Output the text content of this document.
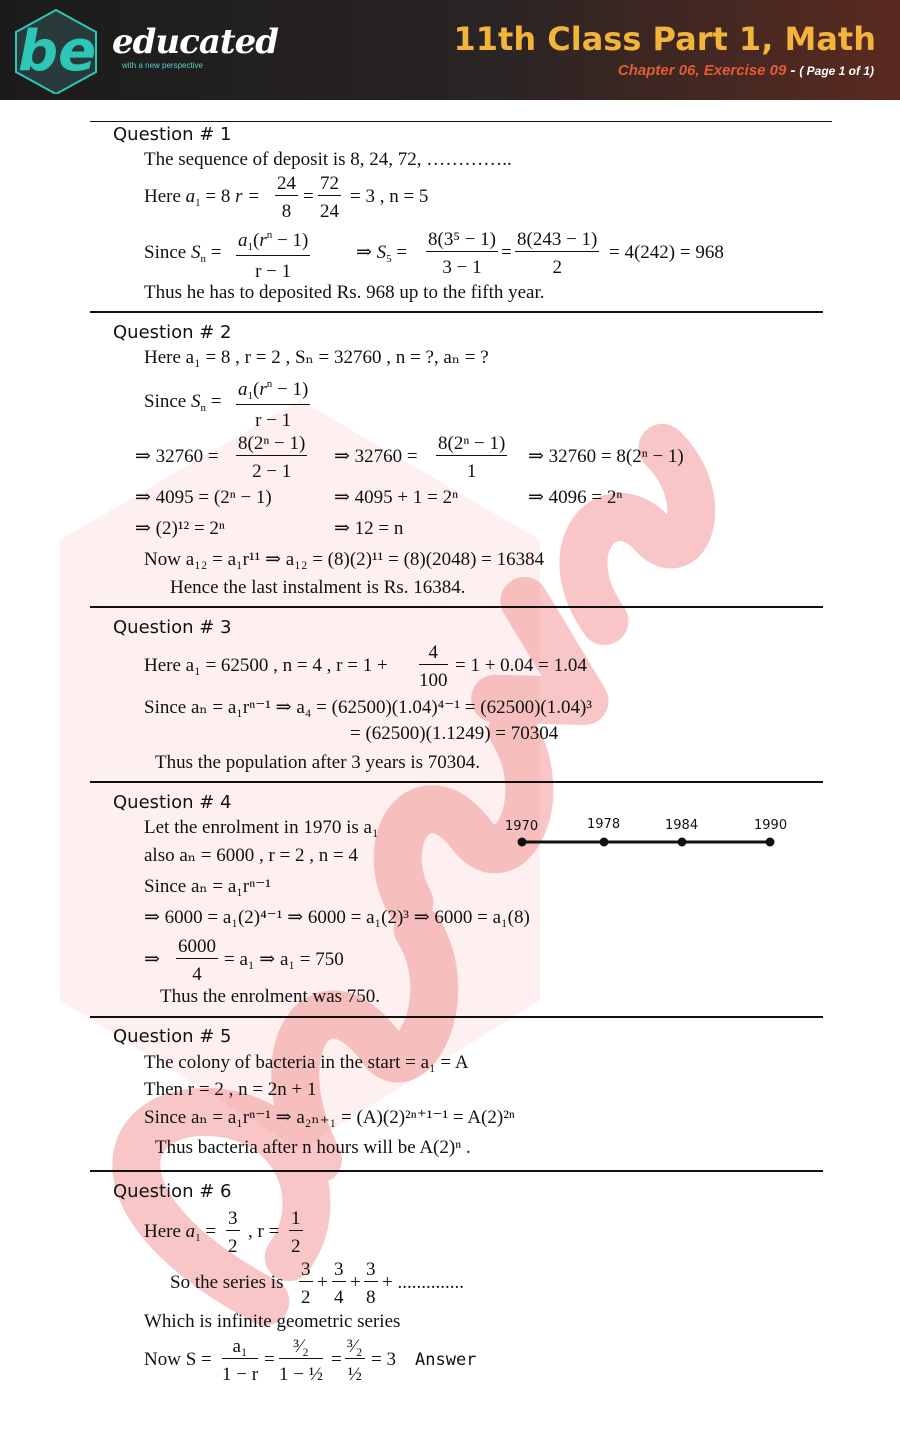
be educated
with a new perspective
11th Class Part 1, Math
Chapter 06, Exercise 09 - ( Page 1 of 1)
Question # 1
The sequence of deposit is 8, 24, 72, …………..
Here $a_1 = 8$ $r = \frac{24}{8} = \frac{72}{24} = 3$ , n = 5
Since $S_n = \frac{a_1(r^n - 1)}{r - 1}$ ⇒ $S_5 = \frac{\text{8(3⁵ − 1)}}{3 - 1} = \frac{8(243 - 1)}{2} = 4(242) = 968$
Thus he has to deposited Rs. 968 up to the fifth year.
Question # 2
Here a₁ = 8 , r = 2 , Sₙ = 32760 , n = ?, aₙ = ?
Since $S_n = \frac{a_1(r^n - 1)}{r - 1}$
⇒ $32760 = \frac{\text{8(2ⁿ − 1)}}{2 - 1}$ ⇒ $32760 = \frac{\text{8(2ⁿ − 1)}}{1}$ ⇒ 32760 = 8(2ⁿ − 1)
⇒ 4095 = (2ⁿ − 1)	⇒ 4095 + 1 = 2ⁿ	⇒ 4096 = 2ⁿ
⇒ (2)¹² = 2ⁿ	⇒ 12 = n
Now a₁₂ = a₁r¹¹ ⇒ a₁₂ = (8)(2)¹¹ = (8)(2048) = 16384
Hence the last instalment is Rs. 16384.
Question # 3
Here a₁ = 62500 , n = 4 , $r = 1 + \frac{4}{100} = 1 + 0.04 = 1.04$
Since aₙ = a₁rⁿ⁻¹ ⇒ a₄ = (62500)(1.04)⁴⁻¹ = (62500)(1.04)³
= (62500)(1.1249) = 70304
Thus the population after 3 years is 70304.
Question # 4
Let the enrolment in 1970 is a₁
also aₙ = 6000 , r = 2 , n = 4
Since aₙ = a₁rⁿ⁻¹
⇒ 6000 = a₁(2)⁴⁻¹ ⇒ 6000 = a₁(2)³ ⇒ 6000 = a₁(8)
⇒ $\frac{6000}{4} = a_1$ ⇒ a₁ = 750
Thus the enrolment was 750.
1970	1978	1984	1990
Question # 5
The colony of bacteria in the start = a₁ = A
Then r = 2 , n = 2n + 1
Since aₙ = a₁rⁿ⁻¹ ⇒ a₂ₙ₊₁ = (A)(2)²ⁿ⁺¹⁻¹ = A(2)²ⁿ
Thus bacteria after n hours will be A(2)ⁿ .
Question # 6
Here $a_1 = \frac{3}{2}$ , $r = \frac{1}{2}$
So the series is $\frac{3}{2} + \frac{3}{4} + \frac{3}{8}$ + ..............
Which is infinite geometric series
Now $S = \frac{\text{a₁}}{1 - r}$ =
³⁄₂
1 − ½
=
³⁄₂
½
= 3 Answer
